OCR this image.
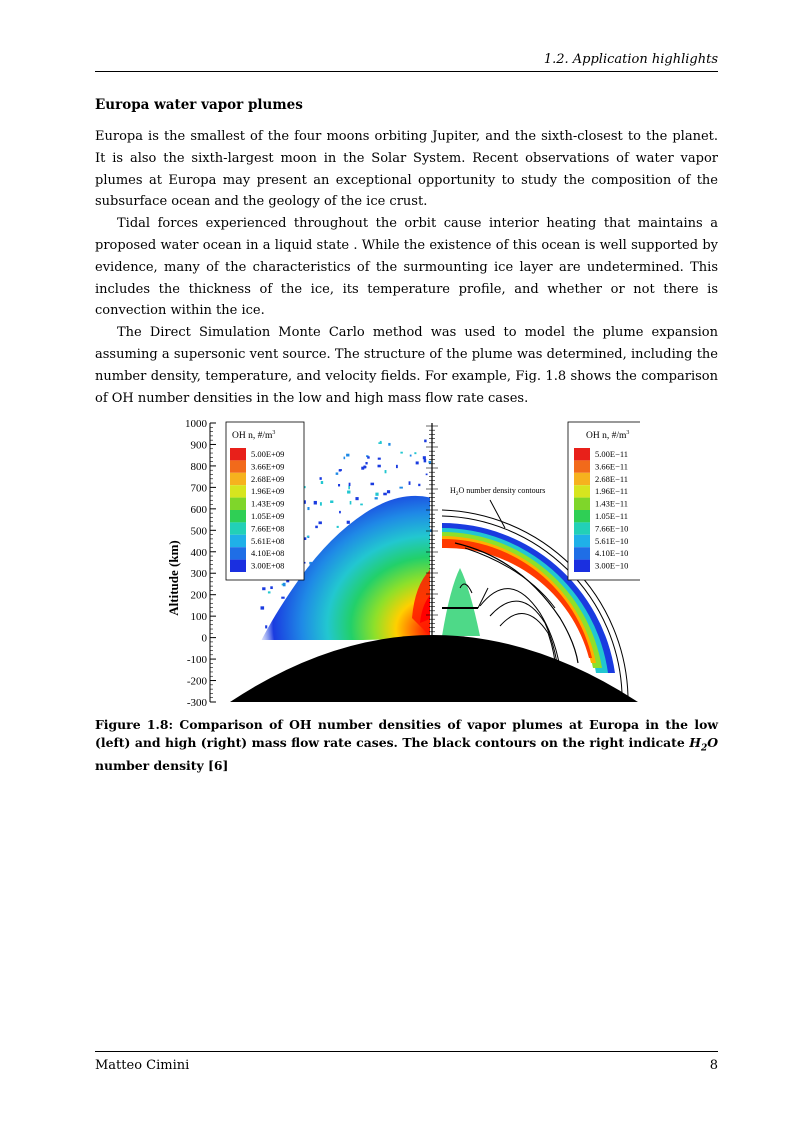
1.2. Application highlights
Europa water vapor plumes

Europa is the smallest of the four moons orbiting Jupiter, and the sixth-closest to the planet. It is also the sixth-largest moon in the Solar System. Recent observations of water vapor plumes at Europa may present an exceptional opportunity to study the composition of the subsurface ocean and the geology of the ice crust.

Tidal forces experienced throughout the orbit cause interior heating that maintains a proposed water ocean in a liquid state . While the existence of this ocean is well supported by evidence, many of the characteristics of the surmounting ice layer are undetermined. This includes the thickness of the ice, its temperature profile, and whether or not there is convection within the ice.

The Direct Simulation Monte Carlo method was used to model the plume expansion assuming a supersonic vent source. The structure of the plume was determined, including the number density, temperature, and velocity fields. For example, Fig. 1.8 shows the comparison of OH number densities in the low and high mass flow rate cases.

1000
900
800
700
600
500
400
300
200
100
0
-100
-200
-300
Altitude (km)
OH n, $\#/m^3$
5.00E+09
3.66E+09
2.68E+09
1.96E+09
1.43E+09
1.05E+09
7.66E+08
5.61E+08
4.10E+08
3.00E+08
OH n, $\#/m^3$
5.00E−11
3.66E−11
2.68E−11
1.96E−11
1.43E−11
1.05E−11
7.66E−10
5.61E−10
4.10E−10
3.00E−10
$H_2O$ number density contours
Figure 1.8: Comparison of OH number densities of vapor plumes at Europa in the low (left) and high (right) mass flow rate cases. The black contours on the right indicate $H_2O$ number density [6]
Matteo Cimini	8
